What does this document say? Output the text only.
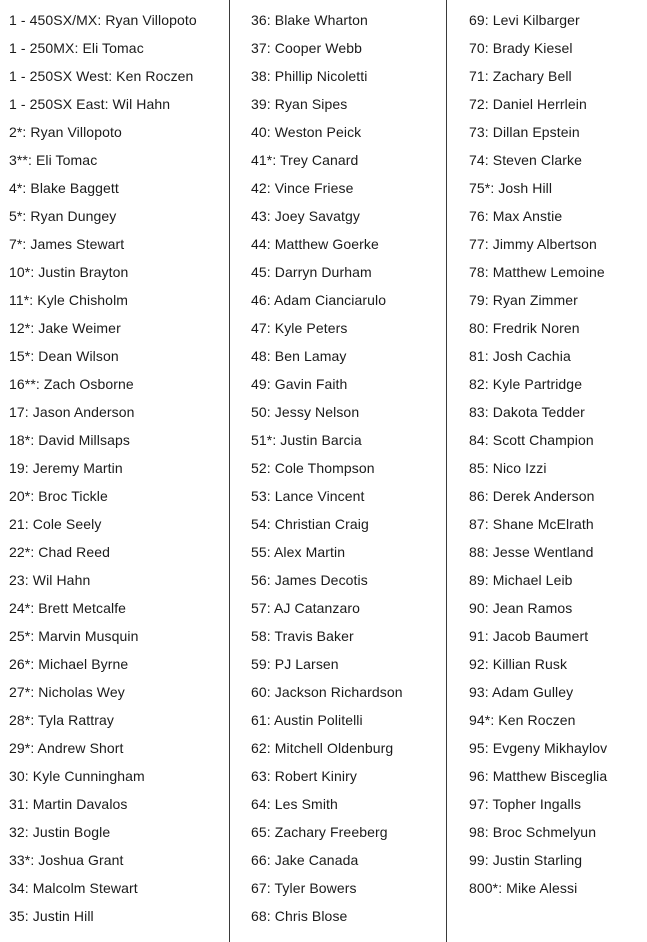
1 - 450SX/MX: Ryan Villopoto
1 - 250MX: Eli Tomac
1 - 250SX West: Ken Roczen
1 - 250SX East: Wil Hahn
2*: Ryan Villopoto
3**: Eli Tomac
4*: Blake Baggett
5*: Ryan Dungey
7*: James Stewart
10*: Justin Brayton
11*: Kyle Chisholm
12*: Jake Weimer
15*: Dean Wilson
16**: Zach Osborne
17: Jason Anderson
18*: David Millsaps
19: Jeremy Martin
20*: Broc Tickle
21: Cole Seely
22*: Chad Reed
23: Wil Hahn
24*: Brett Metcalfe
25*: Marvin Musquin
26*: Michael Byrne
27*: Nicholas Wey
28*: Tyla Rattray
29*: Andrew Short
30: Kyle Cunningham
31: Martin Davalos
32: Justin Bogle
33*: Joshua Grant
34: Malcolm Stewart
35: Justin Hill
36: Blake Wharton
37: Cooper Webb
38: Phillip Nicoletti
39: Ryan Sipes
40: Weston Peick
41*: Trey Canard
42: Vince Friese
43: Joey Savatgy
44: Matthew Goerke
45: Darryn Durham
46: Adam Cianciarulo
47: Kyle Peters
48: Ben Lamay
49: Gavin Faith
50: Jessy Nelson
51*: Justin Barcia
52: Cole Thompson
53: Lance Vincent
54: Christian Craig
55: Alex Martin
56: James Decotis
57: AJ Catanzaro
58: Travis Baker
59: PJ Larsen
60: Jackson Richardson
61: Austin Politelli
62: Mitchell Oldenburg
63: Robert Kiniry
64: Les Smith
65: Zachary Freeberg
66: Jake Canada
67: Tyler Bowers
68: Chris Blose
69: Levi Kilbarger
70: Brady Kiesel
71: Zachary Bell
72: Daniel Herrlein
73: Dillan Epstein
74: Steven Clarke
75*: Josh Hill
76: Max Anstie
77: Jimmy Albertson
78: Matthew Lemoine
79: Ryan Zimmer
80: Fredrik Noren
81: Josh Cachia
82: Kyle Partridge
83: Dakota Tedder
84: Scott Champion
85: Nico Izzi
86: Derek Anderson
87: Shane McElrath
88: Jesse Wentland
89: Michael Leib
90: Jean Ramos
91: Jacob Baumert
92: Killian Rusk
93: Adam Gulley
94*: Ken Roczen
95: Evgeny Mikhaylov
96: Matthew Bisceglia
97: Topher Ingalls
98: Broc Schmelyun
99: Justin Starling
800*: Mike Alessi
